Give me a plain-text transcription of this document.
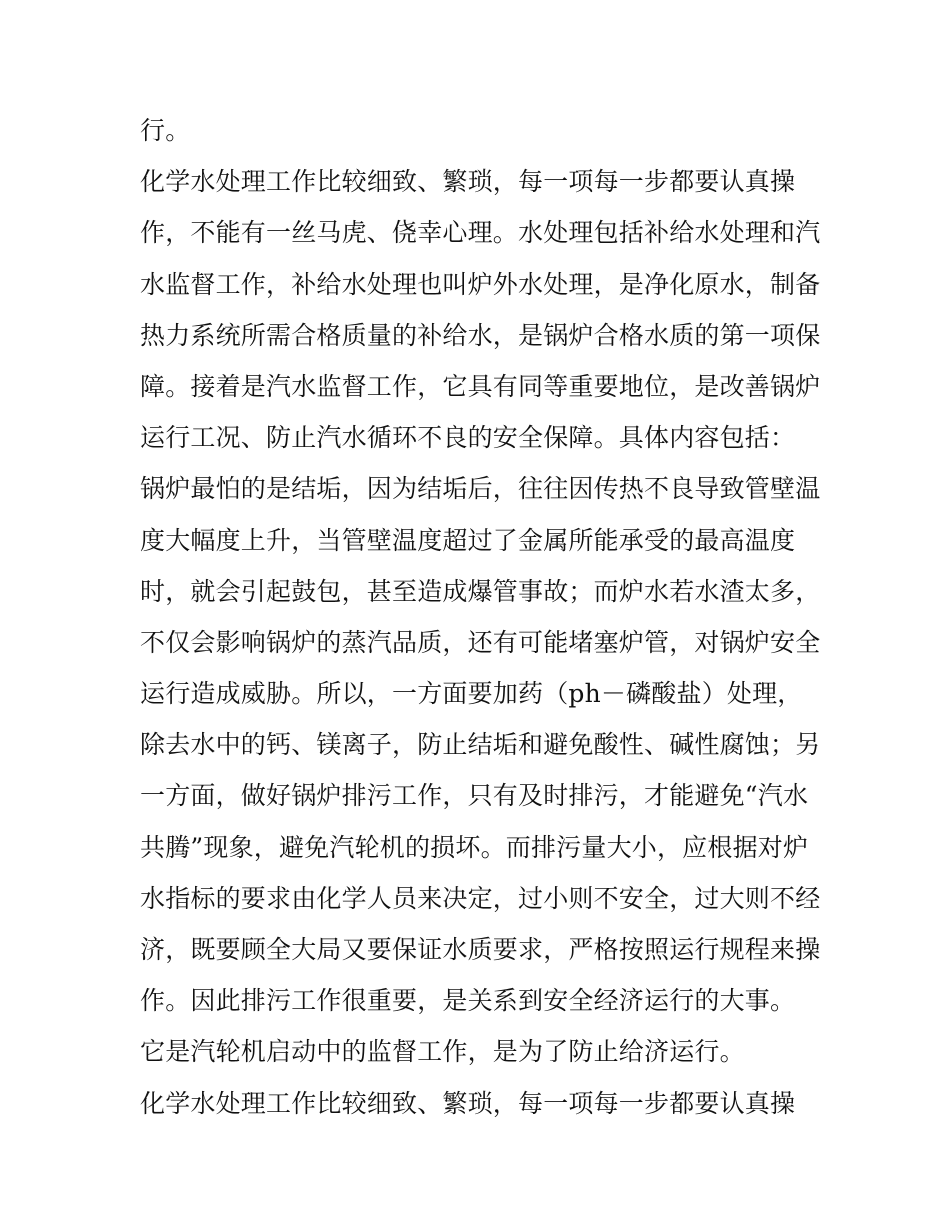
行。
化学水处理工作比较细致、繁琐，每一项每一步都要认真操
作，不能有一丝马虎、侥幸心理。水处理包括补给水处理和汽
水监督工作，补给水处理也叫炉外水处理，是净化原水，制备
热力系统所需合格质量的补给水，是锅炉合格水质的第一项保
障。接着是汽水监督工作，它具有同等重要地位，是改善锅炉
运行工况、防止汽水循环不良的安全保障。具体内容包括：
锅炉最怕的是结垢，因为结垢后，往往因传热不良导致管壁温
度大幅度上升，当管壁温度超过了金属所能承受的最高温度
时，就会引起鼓包，甚至造成爆管事故；而炉水若水渣太多，
不仅会影响锅炉的蒸汽品质，还有可能堵塞炉管，对锅炉安全
运行造成威胁。所以，一方面要加药（ph－磷酸盐）处理，
除去水中的钙、镁离子，防止结垢和避免酸性、碱性腐蚀；另
一方面，做好锅炉排污工作，只有及时排污，才能避免“汽水
共腾”现象，避免汽轮机的损坏。而排污量大小，应根据对炉
水指标的要求由化学人员来决定，过小则不安全，过大则不经
济，既要顾全大局又要保证水质要求，严格按照运行规程来操
作。因此排污工作很重要，是关系到安全经济运行的大事。
它是汽轮机启动中的监督工作，是为了防止给济运行。
化学水处理工作比较细致、繁琐，每一项每一步都要认真操
